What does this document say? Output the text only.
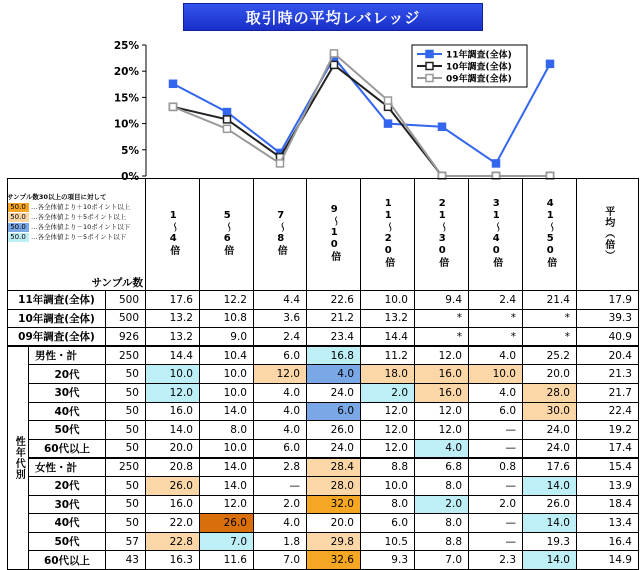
取引時の平均レバレッジ
0%
5%
10%
15%
20%
25%
11年調査(全体)
10年調査(全体)
09年調査(全体)
サンプル数30以上の項目に対して
50.0 …各全体値より＋10ポイント以上
50.0 …各全体値より＋5ポイント以上
50.0 …各全体値より－10ポイント以下
50.0 …各全体値より－5ポイント以下
サンプル数			1〜4倍	5〜6倍	7〜8倍	9〜10倍	11〜20倍	21〜30倍	31〜40倍	41〜50倍	平均（倍）

11年調査(全体)		500	17.6	12.2	4.4	22.6	10.0	9.4	2.4	21.4	17.9
10年調査(全体)		500	13.2	10.8	3.6	21.2	13.2	*	*	*	39.3
09年調査(全体)		926	13.2	9.0	2.4	23.4	14.4	*	*	*	40.9

性年代別	男性・計	250	14.4	10.4	6.0	16.8	11.2	12.0	4.0	25.2	20.4
	20代	50	10.0	10.0	12.0	4.0	18.0	16.0	10.0	20.0	21.3
	30代	50	12.0	10.0	4.0	24.0	2.0	16.0	4.0	28.0	21.7
	40代	50	16.0	14.0	4.0	6.0	12.0	12.0	6.0	30.0	22.4
	50代	50	14.0	8.0	4.0	26.0	12.0	12.0	—	24.0	19.2
	60代以上	50	20.0	10.0	6.0	24.0	12.0	4.0	—	24.0	17.4
	女性・計	250	20.8	14.0	2.8	28.4	8.8	6.8	0.8	17.6	15.4
	20代	50	26.0	14.0	—	28.0	10.0	8.0	—	14.0	13.9
	30代	50	16.0	12.0	2.0	32.0	8.0	2.0	2.0	26.0	18.4
	40代	50	22.0	26.0	4.0	20.0	6.0	8.0	—	14.0	13.4
	50代	57	22.8	7.0	1.8	29.8	10.5	8.8	—	19.3	16.4
	60代以上	43	16.3	11.6	7.0	32.6	9.3	7.0	2.3	14.0	14.9
